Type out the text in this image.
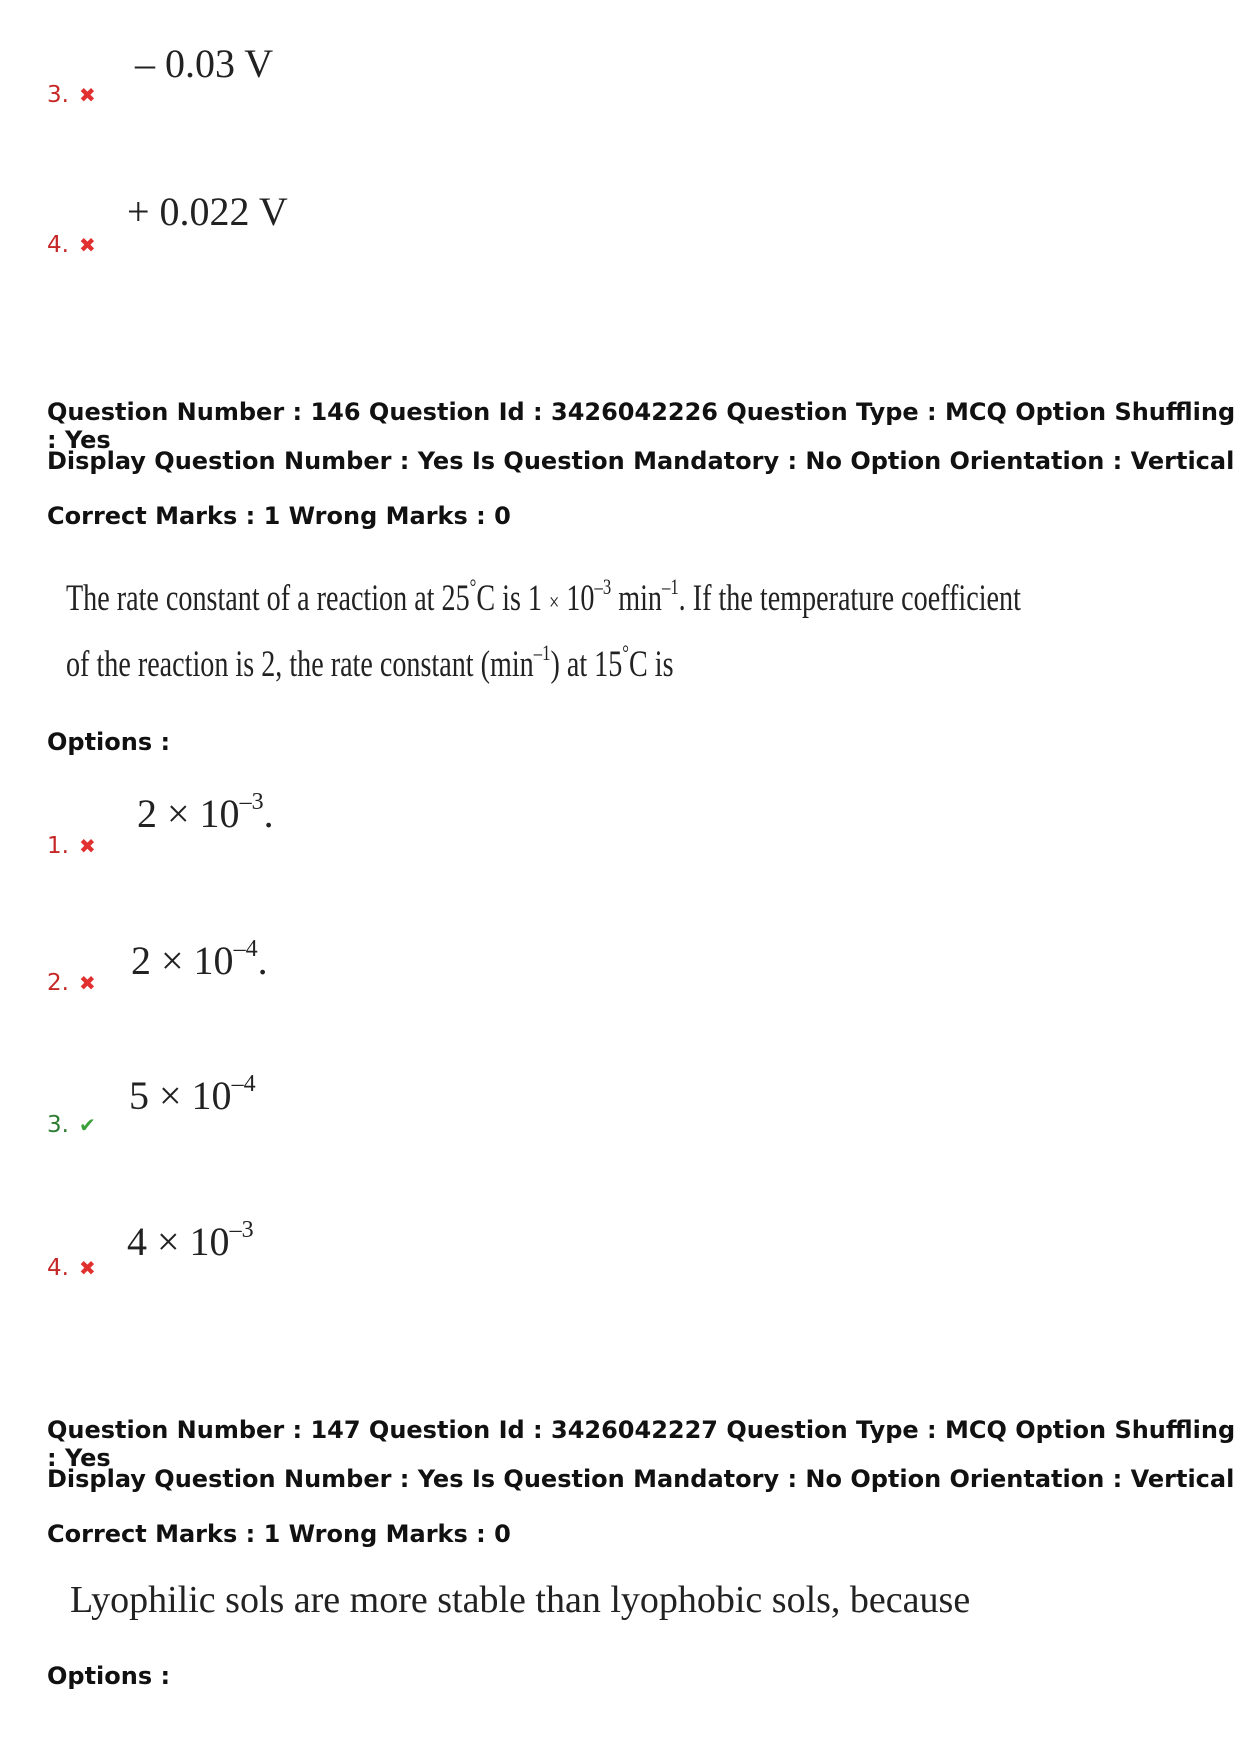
– 0.03 V
3. ✖
+ 0.022 V
4. ✖
Question Number : 146 Question Id : 3426042226 Question Type : MCQ Option Shuffling : Yes
Display Question Number : Yes Is Question Mandatory : No Option Orientation : Vertical
Correct Marks : 1 Wrong Marks : 0
The rate constant of a reaction at 25°C is $1 \times 10^{-3}$ $\min^{-1}$. If the temperature coefficient
of the reaction is 2, the rate constant $(\min^{-1})$ at 15°C is
Options :
$2 \times 10^{-3}$.
1. ✖
$2 \times 10^{-4}$.
2. ✖
$5 \times 10^{-4}$
3. ✔
$4 \times 10^{-3}$
4. ✖
Question Number : 147 Question Id : 3426042227 Question Type : MCQ Option Shuffling : Yes
Display Question Number : Yes Is Question Mandatory : No Option Orientation : Vertical
Correct Marks : 1 Wrong Marks : 0
Lyophilic sols are more stable than lyophobic sols, because
Options :
